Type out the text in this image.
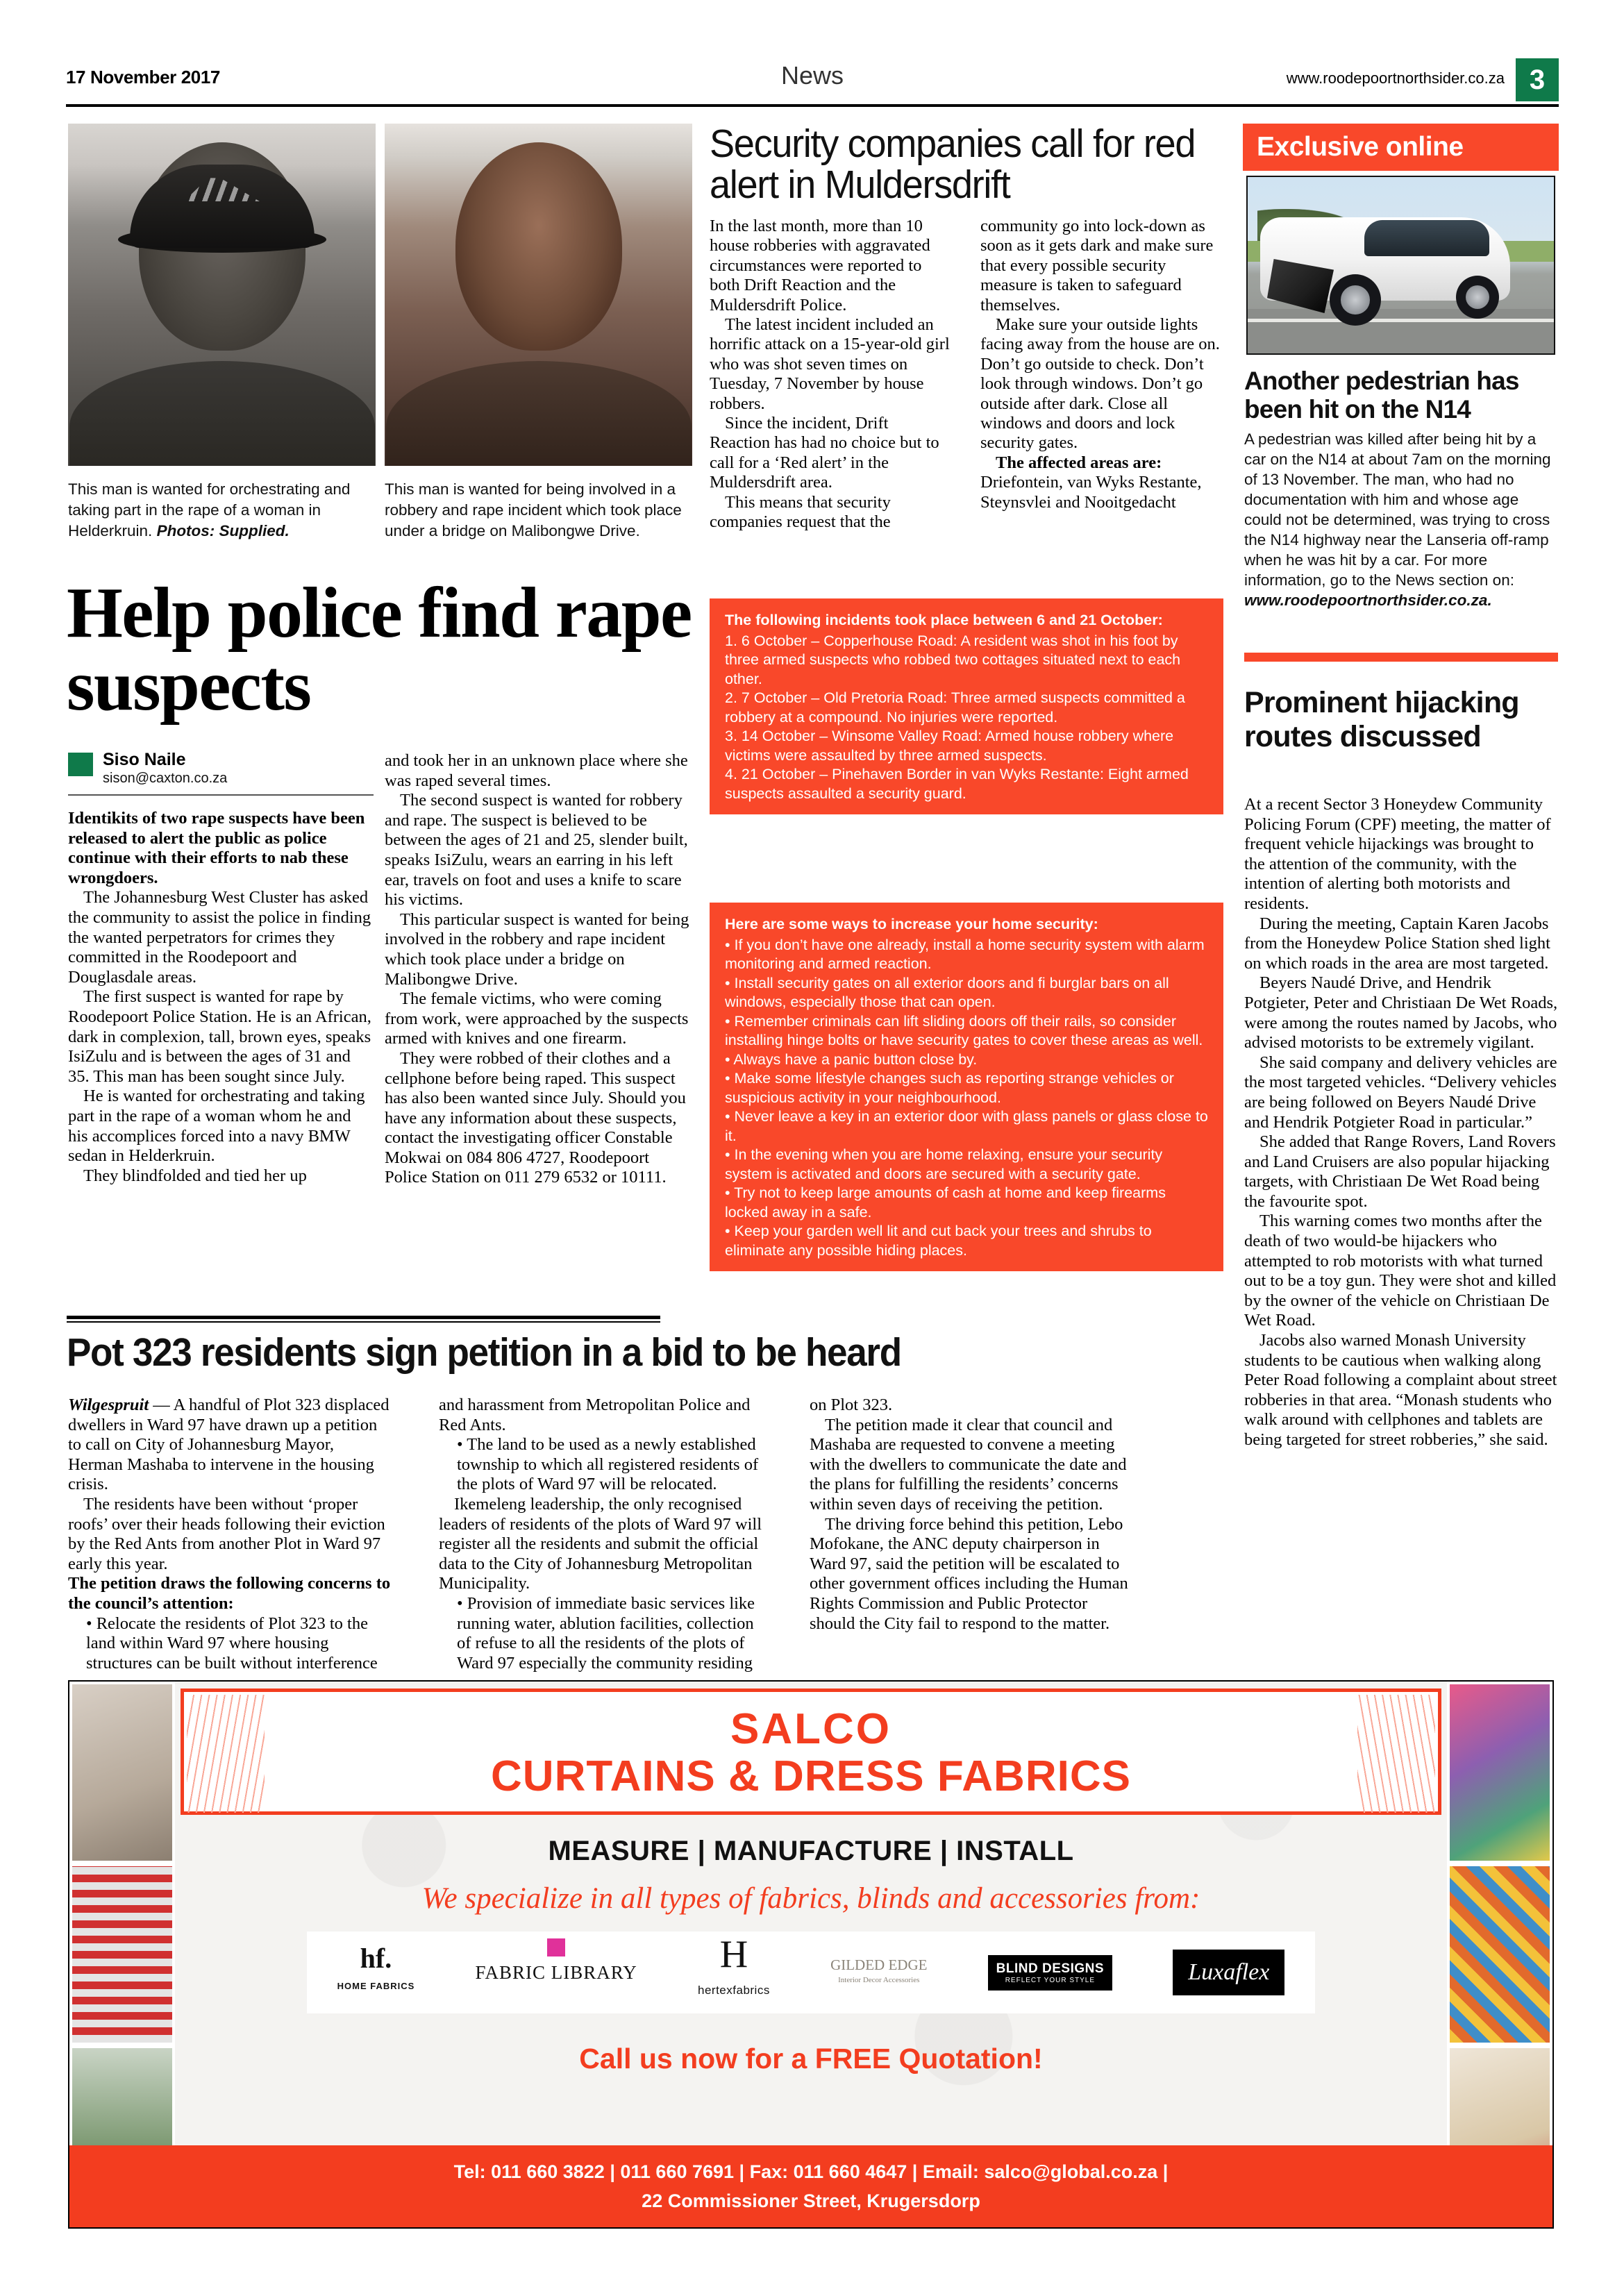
17 November 2017	News	www.roodepoortnorthsider.co.za 3
This man is wanted for orchestrating and taking part in the rape of a woman in Helderkruin. Photos: Supplied.
This man is wanted for being involved in a robbery and rape incident which took place under a bridge on Malibongwe Drive.
Help police find rape suspects
Siso Naile
sison@caxton.co.za

Identikits of two rape suspects have been released to alert the public as police continue with their efforts to nab these wrongdoers.

The Johannesburg West Cluster has asked the community to assist the police in finding the wanted perpetrators for crimes they committed in the Roodepoort and Douglasdale areas.

The first suspect is wanted for rape by Roodepoort Police Station. He is an African, dark in complexion, tall, brown eyes, speaks IsiZulu and is between the ages of 31 and 35. This man has been sought since July.

He is wanted for orchestrating and taking part in the rape of a woman whom he and his accomplices forced into a navy BMW sedan in Helderkruin.

They blindfolded and tied her up

and took her in an unknown place where she was raped several times.

The second suspect is wanted for robbery and rape. The suspect is believed to be between the ages of 21 and 25, slender built, speaks IsiZulu, wears an earring in his left ear, travels on foot and uses a knife to scare his victims.

This particular suspect is wanted for being involved in the robbery and rape incident which took place under a bridge on Malibongwe Drive.

The female victims, who were coming from work, were approached by the suspects armed with knives and one firearm.

They were robbed of their clothes and a cellphone before being raped. This suspect has also been wanted since July. Should you have any information about these suspects, contact the investigating officer Constable Mokwai on 084 806 4727, Roodepoort Police Station on 011 279 6532 or 10111.

Security companies call for red alert in Muldersdrift

In the last month, more than 10 house robberies with aggravated circumstances were reported to both Drift Reaction and the Muldersdrift Police.

The latest incident included an horrific attack on a 15-year-old girl who was shot seven times on Tuesday, 7 November by house robbers.

Since the incident, Drift Reaction has had no choice but to call for a ‘Red alert’ in the Muldersdrift area.

This means that security companies request that the

community go into lock-down as soon as it gets dark and make sure that every possible security measure is taken to safeguard themselves.

Make sure your outside lights facing away from the house are on. Don’t go outside to check. Don’t look through windows. Don’t go outside after dark. Close all windows and doors and lock security gates.

The affected areas are: Driefontein, van Wyks Restante, Steynsvlei and Nooitgedacht

The following incidents took place between 6 and 21 October:
1. 6 October – Copperhouse Road: A resident was shot in his foot by three armed suspects who robbed two cottages situated next to each other.
2. 7 October – Old Pretoria Road: Three armed suspects committed a robbery at a compound. No injuries were reported.
3. 14 October – Winsome Valley Road: Armed house robbery where victims were assaulted by three armed suspects.
4. 21 October – Pinehaven Border in van Wyks Restante: Eight armed suspects assaulted a security guard.
Here are some ways to increase your home security:
• If you don’t have one already, install a home security system with alarm monitoring and armed reaction.
• Install security gates on all exterior doors and fi burglar bars on all windows, especially those that can open.
• Remember criminals can lift sliding doors off their rails, so consider installing hinge bolts or have security gates to cover these areas as well.
• Always have a panic button close by.
• Make some lifestyle changes such as reporting strange vehicles or suspicious activity in your neighbourhood.
• Never leave a key in an exterior door with glass panels or glass close to it.
• In the evening when you are home relaxing, ensure your security system is activated and doors are secured with a security gate.
• Try not to keep large amounts of cash at home and keep firearms locked away in a safe.
• Keep your garden well lit and cut back your trees and shrubs to eliminate any possible hiding places.
Exclusive online
Another pedestrian has been hit on the N14
A pedestrian was killed after being hit by a car on the N14 at about 7am on the morning of 13 November. The man, who had no documentation with him and whose age could not be determined, was trying to cross the N14 highway near the Lanseria off-ramp when he was hit by a car. For more information, go to the News section on: www.roodepoortnorthsider.co.za.
Prominent hijacking routes discussed

At a recent Sector 3 Honeydew Community Policing Forum (CPF) meeting, the matter of frequent vehicle hijackings was brought to the attention of the community, with the intention of alerting both motorists and residents.

During the meeting, Captain Karen Jacobs from the Honeydew Police Station shed light on which roads in the area are most targeted.

Beyers Naudé Drive, and Hendrik Potgieter, Peter and Christiaan De Wet Roads, were among the routes named by Jacobs, who advised motorists to be extremely vigilant.

She said company and delivery vehicles are the most targeted vehicles. “Delivery vehicles are being followed on Beyers Naudé Drive and Hendrik Potgieter Road in particular.”

She added that Range Rovers, Land Rovers and Land Cruisers are also popular hijacking targets, with Christiaan De Wet Road being the favourite spot.

This warning comes two months after the death of two would-be hijackers who attempted to rob motorists with what turned out to be a toy gun. They were shot and killed by the owner of the vehicle on Christiaan De Wet Road.

Jacobs also warned Monash University students to be cautious when walking along Peter Road following a complaint about street robberies in that area. “Monash students who walk around with cellphones and tablets are being targeted for street robberies,” she said.

Pot 323 residents sign petition in a bid to be heard

Wilgespruit — A handful of Plot 323 displaced dwellers in Ward 97 have drawn up a petition to call on City of Johannesburg Mayor, Herman Mashaba to intervene in the housing crisis.

The residents have been without ‘proper roofs’ over their heads following their eviction by the Red Ants from another Plot in Ward 97 early this year.

The petition draws the following concerns to the council’s attention:

• Relocate the residents of Plot 323 to the land within Ward 97 where housing structures can be built without interference

and harassment from Metropolitan Police and Red Ants.

• The land to be used as a newly established township to which all registered residents of the plots of Ward 97 will be relocated.

Ikemeleng leadership, the only recognised leaders of residents of the plots of Ward 97 will register all the residents and submit the official data to the City of Johannesburg Metropolitan Municipality.

• Provision of immediate basic services like running water, ablution facilities, collection of refuse to all the residents of the plots of Ward 97 especially the community residing

on Plot 323.

The petition made it clear that council and Mashaba are requested to convene a meeting with the dwellers to communicate the date and the plans for fulfilling the residents’ concerns within seven days of receiving the petition.

The driving force behind this petition, Lebo Mofokane, the ANC deputy chairperson in Ward 97, said the petition will be escalated to other government offices including the Human Rights Commission and Public Protector should the City fail to respond to the matter.

SALCO
CURTAINS & DRESS FABRICS
MEASURE | MANUFACTURE | INSTALL
We specialize in all types of fabrics, blinds and accessories from:
hf.
HOME FABRICS
FABRIC LIBRARY	H
hertexfabrics
GILDED EDGE
Interior Decor Accessories
BLIND DESIGNS
REFLECT YOUR STYLE	Luxaflex
Call us now for a FREE Quotation!
Tel: 011 660 3822 | 011 660 7691 | Fax: 011 660 4647 | Email: salco@global.co.za |
22 Commissioner Street, Krugersdorp
